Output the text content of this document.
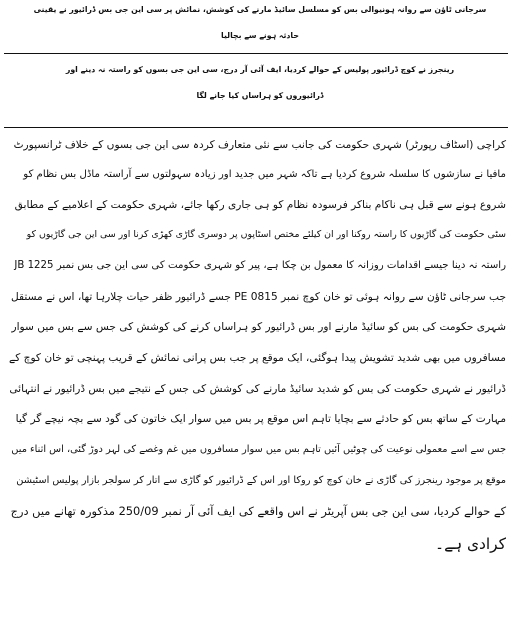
سرجانی ٹاؤن سے روانہ ہونیوالی بس کو مسلسل سائیڈ مارنے کی کوشش، نمائش پر سی این جی بس ڈرائیور نے یقینی
حادثہ ہونے سے بچالیا
رینجرز نے کوچ ڈرائیور پولیس کے حوالے کردیا، ایف آئی آر درج، سی این جی بسوں کو راستہ نہ دینے اور
ڈرائیوروں کو ہراساں کیا جانے لگا
کراچی (اسٹاف رپورٹر) شہری حکومت کی جانب سے نئی متعارف کردہ سی این جی بسوں کے خلاف ٹرانسپورٹ
مافیا نے سازشوں کا سلسلہ شروع کردیا ہے تاکہ شہر میں جدید اور زیادہ سہولتوں سے آراستہ ماڈل بس نظام کو
شروع ہونے سے قبل ہی ناکام بناکر فرسودہ نظام کو ہی جاری رکھا جائے، شہری حکومت کے اعلامیے کے مطابق
سٹی حکومت کی گاڑیوں کا راستہ روکنا اور ان کیلئے مختص اسٹاپوں پر دوسری گاڑی کھڑی کرنا اور سی این جی گاڑیوں کو
راستہ نہ دینا جیسے اقدامات روزانہ کا معمول بن چکا ہے، پیر کو شہری حکومت کی سی این جی بس نمبر JB 1225
جب سرجانی ٹاؤن سے روانہ ہوئی تو خان کوچ نمبر PE 0815 جسے ڈرائیور ظفر حیات چلارہا تھا، اس نے مستقل
شہری حکومت کی بس کو سائیڈ مارنے اور بس ڈرائیور کو ہراساں کرنے کی کوشش کی جس سے بس میں سوار
مسافروں میں بھی شدید تشویش پیدا ہوگئی، ایک موقع پر جب بس پرانی نمائش کے قریب پہنچی تو خان کوچ کے
ڈرائیور نے شہری حکومت کی بس کو شدید سائیڈ مارنے کی کوشش کی جس کے نتیجے میں بس ڈرائیور نے انتہائی
مہارت کے ساتھ بس کو حادثے سے بچایا تاہم اس موقع پر بس میں سوار ایک خاتون کی گود سے بچہ نیچے گر گیا
جس سے اسے معمولی نوعیت کی چوٹیں آئیں تاہم بس میں سوار مسافروں میں غم وغصے کی لہر دوڑ گئی، اس اثناء میں
موقع پر موجود رینجرز کی گاڑی نے خان کوچ کو روکا اور اس کے ڈرائیور کو گاڑی سے اتار کر سولجر بازار پولیس اسٹیشن
کے حوالے کردیا، سی این جی بس آپریٹر نے اس واقعے کی ایف آئی آر نمبر 250/09 مذکورہ تھانے میں درج
کرادی ہے۔
